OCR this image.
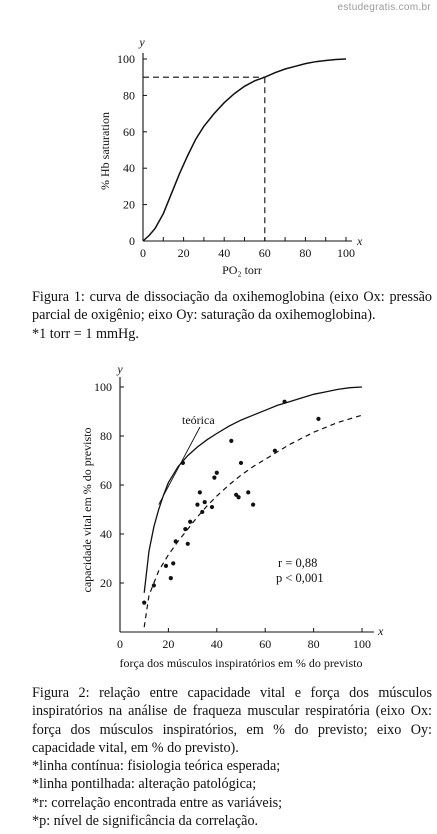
estudegratis.com.br
0	20 40 60 80 100
0
20
40
60
80
100
% Hb saturation
y
x
PO₂ torr

Figura 1: curva de dissociação da oxihemoglobina (eixo Ox: pressão parcial de oxigênio; eixo Oy: saturação da oxihemoglobina).

*1 torr = 1 mmHg.

0	20	40	60	80	100
20
40
60
80
100
capacidade vital em % do previsto
y
x
força dos músculos inspiratórios em % do previsto
teórica
r = 0,88
p < 0,001

Figura 2: relação entre capacidade vital e força dos músculos inspiratórios na análise de fraqueza muscular respiratória (eixo Ox: força dos músculos inspiratórios, em % do previsto; eixo Oy: capacidade vital, em % do previsto).

*linha contínua: fisiologia teórica esperada;

*linha pontilhada: alteração patológica;

*r: correlação encontrada entre as variáveis;

*p: nível de significância da correlação.
